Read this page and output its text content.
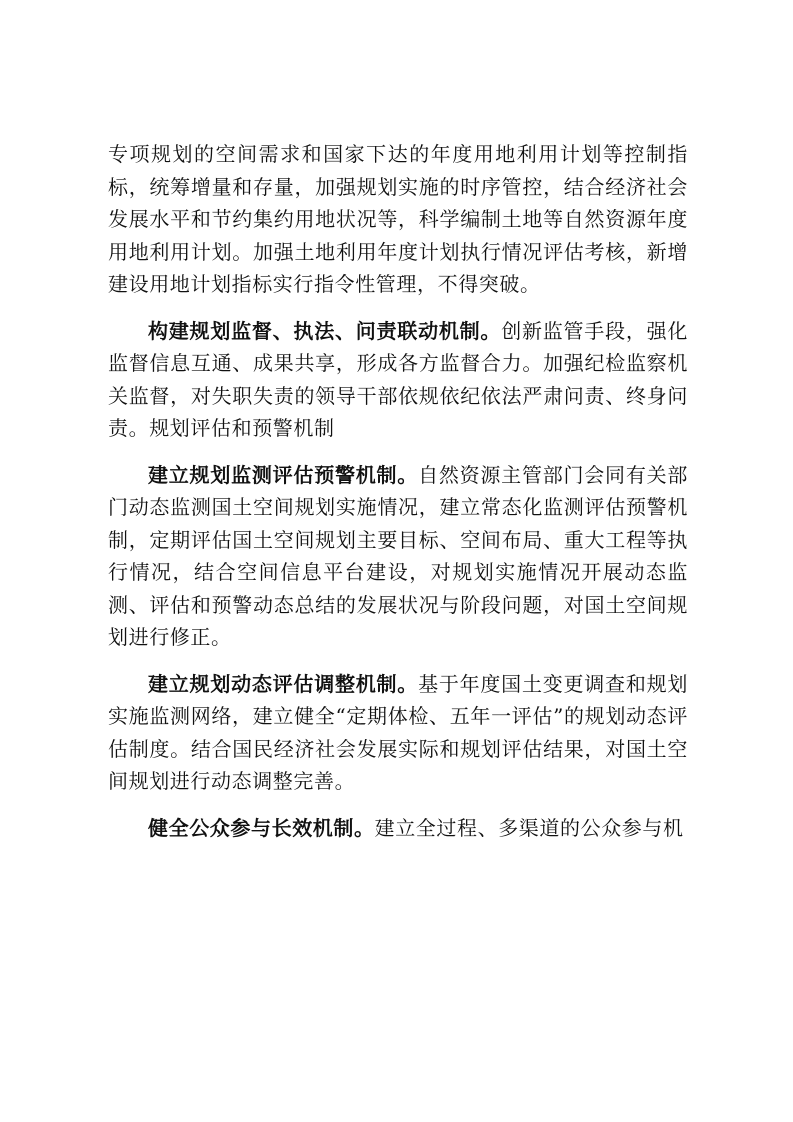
专项规划的空间需求和国家下达的年度用地利用计划等控制指标，统筹增量和存量，加强规划实施的时序管控，结合经济社会发展水平和节约集约用地状况等，科学编制土地等自然资源年度用地利用计划。加强土地利用年度计划执行情况评估考核，新增建设用地计划指标实行指令性管理，不得突破。

构建规划监督、执法、问责联动机制。创新监管手段，强化监督信息互通、成果共享，形成各方监督合力。加强纪检监察机关监督，对失职失责的领导干部依规依纪依法严肃问责、终身问责。规划评估和预警机制

建立规划监测评估预警机制。自然资源主管部门会同有关部门动态监测国土空间规划实施情况，建立常态化监测评估预警机制，定期评估国土空间规划主要目标、空间布局、重大工程等执行情况，结合空间信息平台建设，对规划实施情况开展动态监测、评估和预警动态总结的发展状况与阶段问题，对国土空间规划进行修正。

建立规划动态评估调整机制。基于年度国土变更调查和规划实施监测网络，建立健全“定期体检、五年一评估”的规划动态评估制度。结合国民经济社会发展实际和规划评估结果，对国土空间规划进行动态调整完善。

健全公众参与长效机制。建立全过程、多渠道的公众参与机
